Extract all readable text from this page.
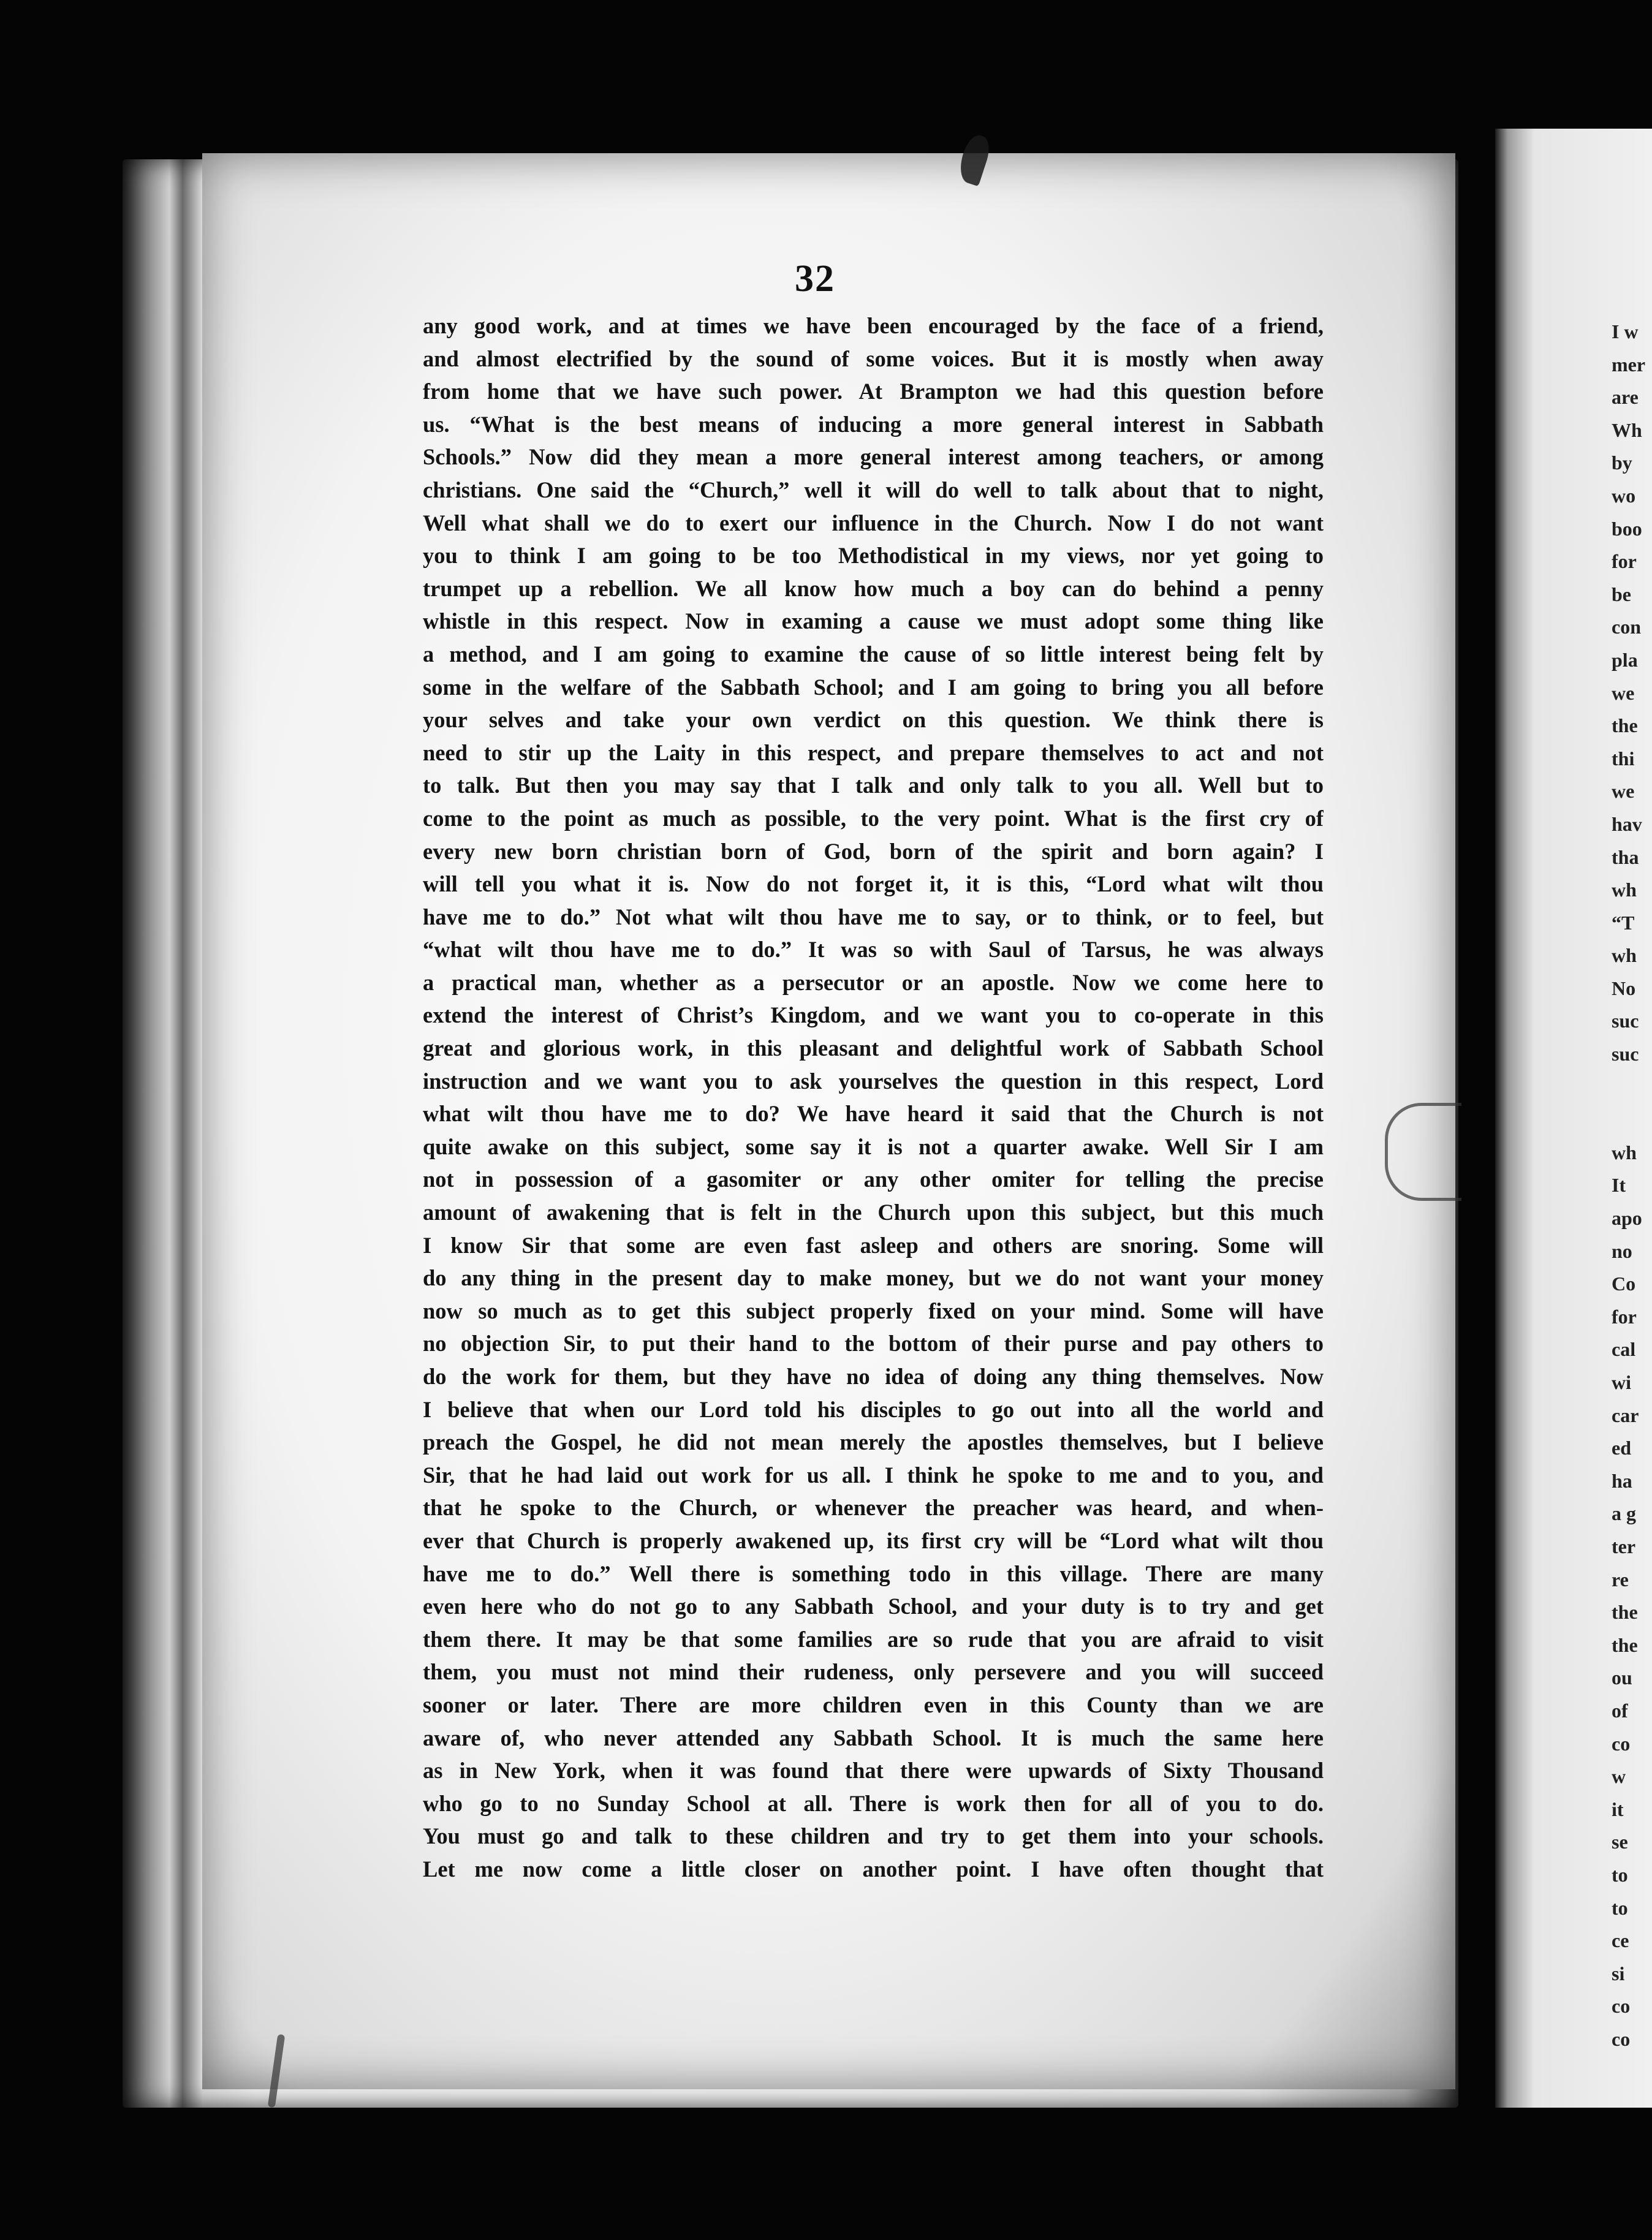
32
any good work, and at times we have been encouraged by the face of a friend,
and almost electrified by the sound of some voices. But it is mostly when away
from home that we have such power. At Brampton we had this question before
us. “What is the best means of inducing a more general interest in Sabbath
Schools.” Now did they mean a more general interest among teachers, or among
christians. One said the “Church,” well it will do well to talk about that to night,
Well what shall we do to exert our influence in the Church. Now I do not want
you to think I am going to be too Methodistical in my views, nor yet going to
trumpet up a rebellion. We all know how much a boy can do behind a penny
whistle in this respect. Now in examing a cause we must adopt some thing like
a method, and I am going to examine the cause of so little interest being felt by
some in the welfare of the Sabbath School; and I am going to bring you all before
your selves and take your own verdict on this question. We think there is
need to stir up the Laity in this respect, and prepare themselves to act and not
to talk. But then you may say that I talk and only talk to you all. Well but to
come to the point as much as possible, to the very point. What is the first cry of
every new born christian born of God, born of the spirit and born again? I
will tell you what it is. Now do not forget it, it is this, “Lord what wilt thou
have me to do.” Not what wilt thou have me to say, or to think, or to feel, but
“what wilt thou have me to do.” It was so with Saul of Tarsus, he was always
a practical man, whether as a persecutor or an apostle. Now we come here to
extend the interest of Christ’s Kingdom, and we want you to co-operate in this
great and glorious work, in this pleasant and delightful work of Sabbath School
instruction and we want you to ask yourselves the question in this respect, Lord
what wilt thou have me to do? We have heard it said that the Church is not
quite awake on this subject, some say it is not a quarter awake. Well Sir I am
not in possession of a gasomiter or any other omiter for telling the precise
amount of awakening that is felt in the Church upon this subject, but this much
I know Sir that some are even fast asleep and others are snoring. Some will
do any thing in the present day to make money, but we do not want your money
now so much as to get this subject properly fixed on your mind. Some will have
no objection Sir, to put their hand to the bottom of their purse and pay others to
do the work for them, but they have no idea of doing any thing themselves. Now
I believe that when our Lord told his disciples to go out into all the world and
preach the Gospel, he did not mean merely the apostles themselves, but I believe
Sir, that he had laid out work for us all. I think he spoke to me and to you, and
that he spoke to the Church, or whenever the preacher was heard, and when-
ever that Church is properly awakened up, its first cry will be “Lord what wilt thou
have me to do.” Well there is something todo in this village. There are many
even here who do not go to any Sabbath School, and your duty is to try and get
them there. It may be that some families are so rude that you are afraid to visit
them, you must not mind their rudeness, only persevere and you will succeed
sooner or later. There are more children even in this County than we are
aware of, who never attended any Sabbath School. It is much the same here
as in New York, when it was found that there were upwards of Sixty Thousand
who go to no Sunday School at all. There is work then for all of you to do.
You must go and talk to these children and try to get them into your schools.
Let me now come a little closer on another point. I have often thought that
I w
mer
are
Wh
by
wo
boo
for
be
con
pla
we
the
thi
we
hav
tha
wh
“T
wh
No
suc
suc
wh
It
apo
no
Co
for
cal
wi
car
ed
ha
a g
ter
re
the
the
ou
of
co
w
it
se
to
to
ce
si
co
co
